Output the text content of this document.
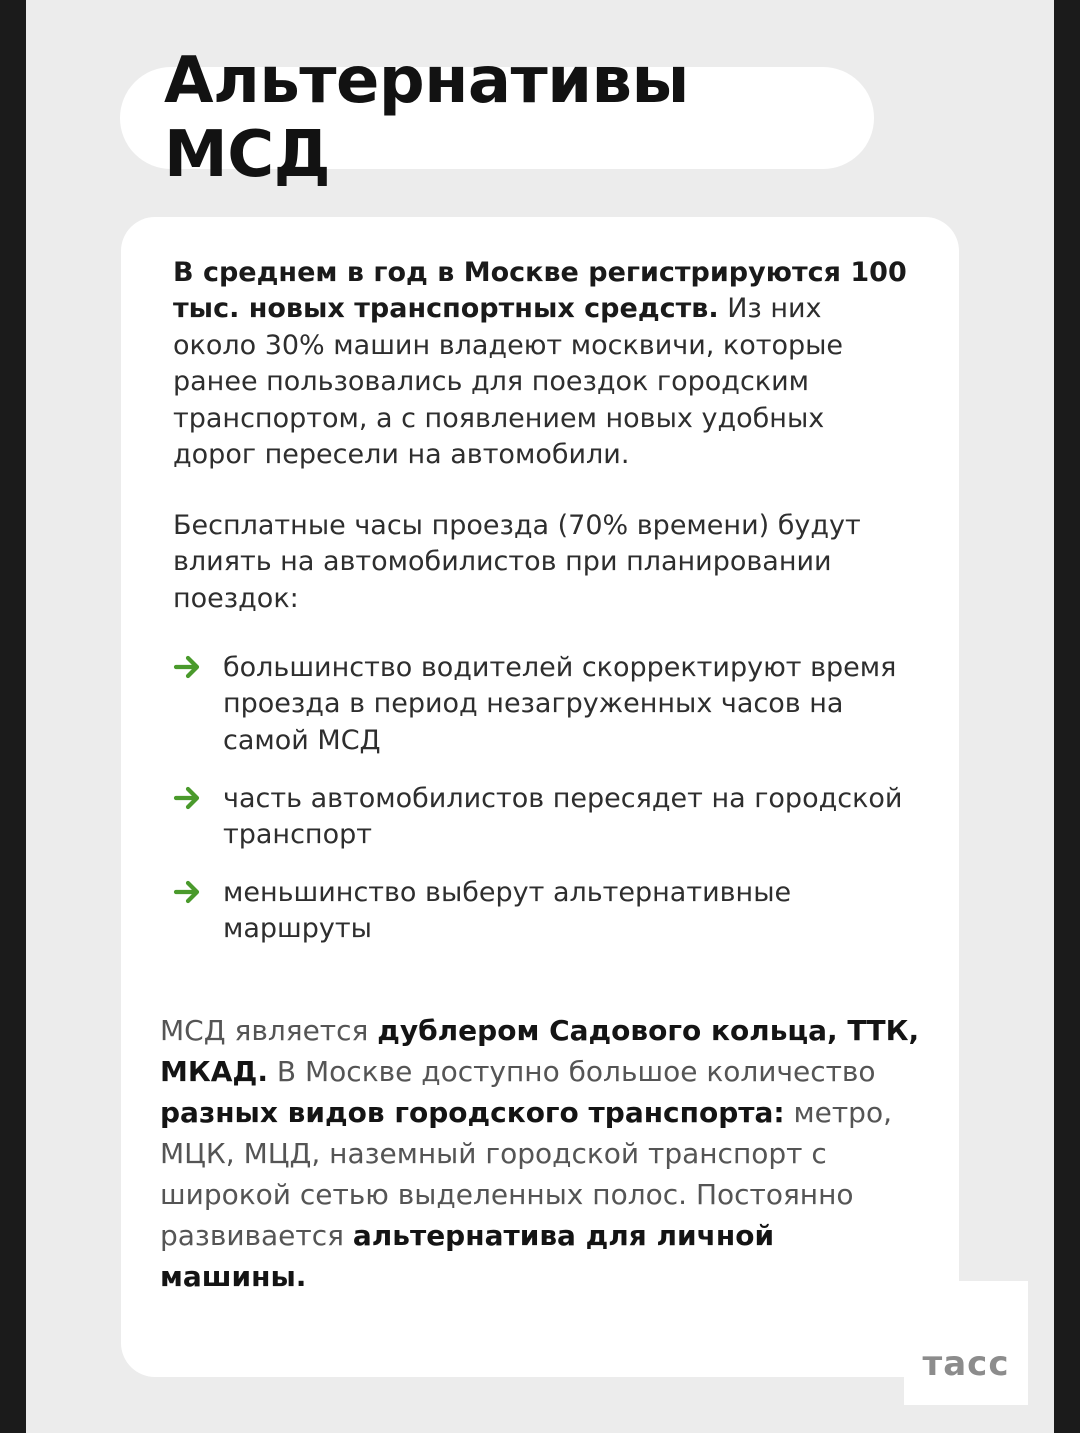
Альтернативы МСД
В среднем в год в Москве регистрируются 100 тыс. новых транспортных средств. Из них около 30% машин владеют москвичи, которые ранее пользовались для поездок городским транспортом, а с появлением новых удобных дорог пересели на автомобили.
Бесплатные часы проезда (70% времени) будут влиять на автомобилистов при планировании поездок:
большинство водителей скорректируют время проезда в период незагруженных часов на самой МСД
часть автомобилистов пересядет на городской транспорт
меньшинство выберут альтернативные маршруты
МСД является дублером Садового кольца, ТТК, МКАД. В Москве доступно большое количество разных видов городского транспорта: метро, МЦК, МЦД, наземный городской транспорт с широкой сетью выделенных полос. Постоянно развивается альтернатива для личной машины.
тасс
